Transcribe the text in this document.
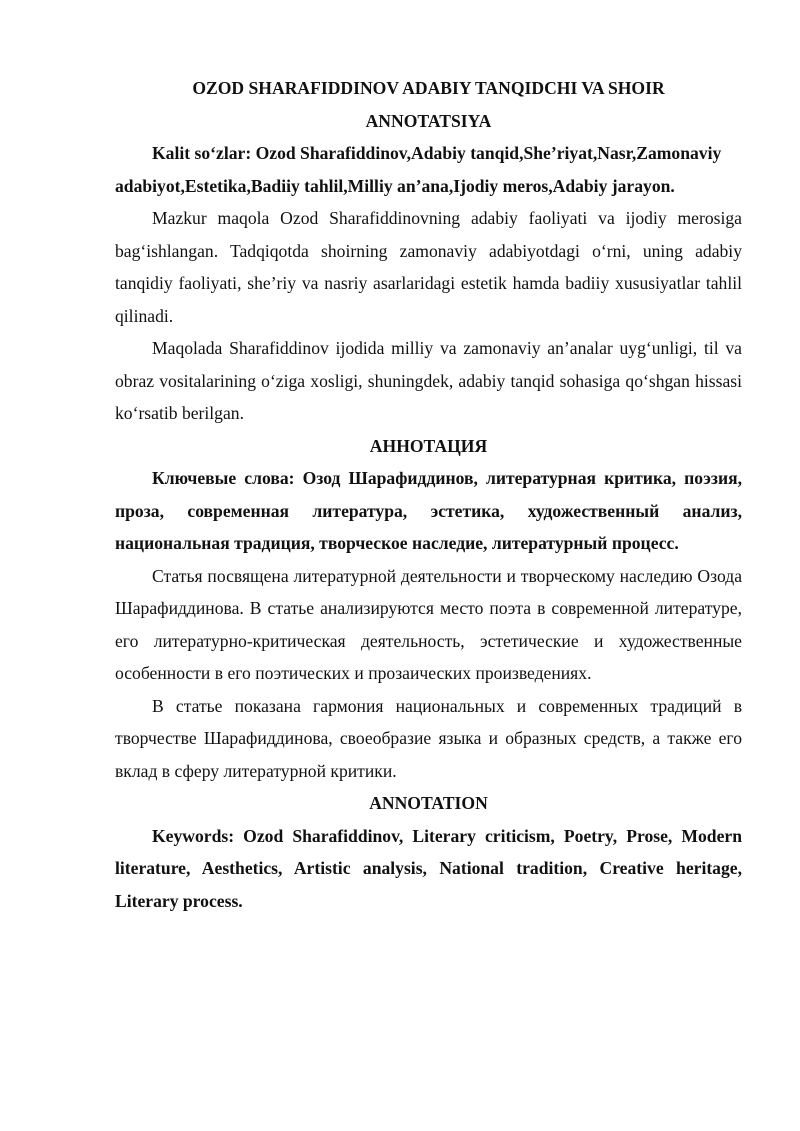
OZOD SHARAFIDDINOV ADABIY TANQIDCHI VA SHOIR

ANNOTATSIYA

Kalit so‘zlar: Ozod Sharafiddinov,Adabiy tanqid,She’riyat,Nasr,Zamonaviy adabiyot,Estetika,Badiiy tahlil,Milliy an’ana,Ijodiy meros,Adabiy jarayon.

Mazkur maqola Ozod Sharafiddinovning adabiy faoliyati va ijodiy merosiga bag‘ishlangan. Tadqiqotda shoirning zamonaviy adabiyotdagi o‘rni, uning adabiy tanqidiy faoliyati, she’riy va nasriy asarlaridagi estetik hamda badiiy xususiyatlar tahlil qilinadi.

Maqolada Sharafiddinov ijodida milliy va zamonaviy an’analar uyg‘unligi, til va obraz vositalarining o‘ziga xosligi, shuningdek, adabiy tanqid sohasiga qo‘shgan hissasi ko‘rsatib berilgan.

АННОТАЦИЯ

Ключевые слова: Озод Шарафиддинов, литературная критика, поэзия, проза, современная литература, эстетика, художественный анализ, национальная традиция, творческое наследие, литературный процесс.

Статья посвящена литературной деятельности и творческому наследию Озода Шарафиддинова. В статье анализируются место поэта в современной литературе, его литературно-критическая деятельность, эстетические и художественные особенности в его поэтических и прозаических произведениях.

В статье показана гармония национальных и современных традиций в творчестве Шарафиддинова, своеобразие языка и образных средств, а также его вклад в сферу литературной критики.

ANNOTATION

Keywords: Ozod Sharafiddinov, Literary criticism, Poetry, Prose, Modern literature, Aesthetics, Artistic analysis, National tradition, Creative heritage, Literary process.
